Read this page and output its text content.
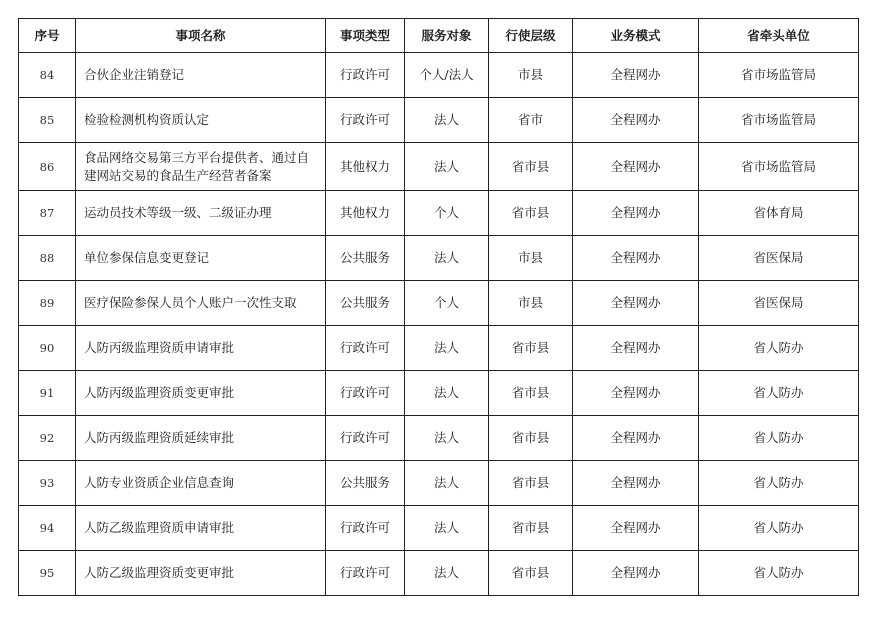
序号	事项名称	事项类型	服务对象	行使层级	业务模式	省牵头单位
84	合伙企业注销登记	行政许可	个人/法人	市县	全程网办	省市场监管局
85	检验检测机构资质认定	行政许可	法人	省市	全程网办	省市场监管局
86	食品网络交易第三方平台提供者、通过自建网站交易的食品生产经营者备案	其他权力	法人	省市县	全程网办	省市场监管局
87	运动员技术等级一级、二级证办理	其他权力	个人	省市县	全程网办	省体育局
88	单位参保信息变更登记	公共服务	法人	市县	全程网办	省医保局
89	医疗保险参保人员个人账户一次性支取	公共服务	个人	市县	全程网办	省医保局
90	人防丙级监理资质申请审批	行政许可	法人	省市县	全程网办	省人防办
91	人防丙级监理资质变更审批	行政许可	法人	省市县	全程网办	省人防办
92	人防丙级监理资质延续审批	行政许可	法人	省市县	全程网办	省人防办
93	人防专业资质企业信息查询	公共服务	法人	省市县	全程网办	省人防办
94	人防乙级监理资质申请审批	行政许可	法人	省市县	全程网办	省人防办
95	人防乙级监理资质变更审批	行政许可	法人	省市县	全程网办	省人防办
